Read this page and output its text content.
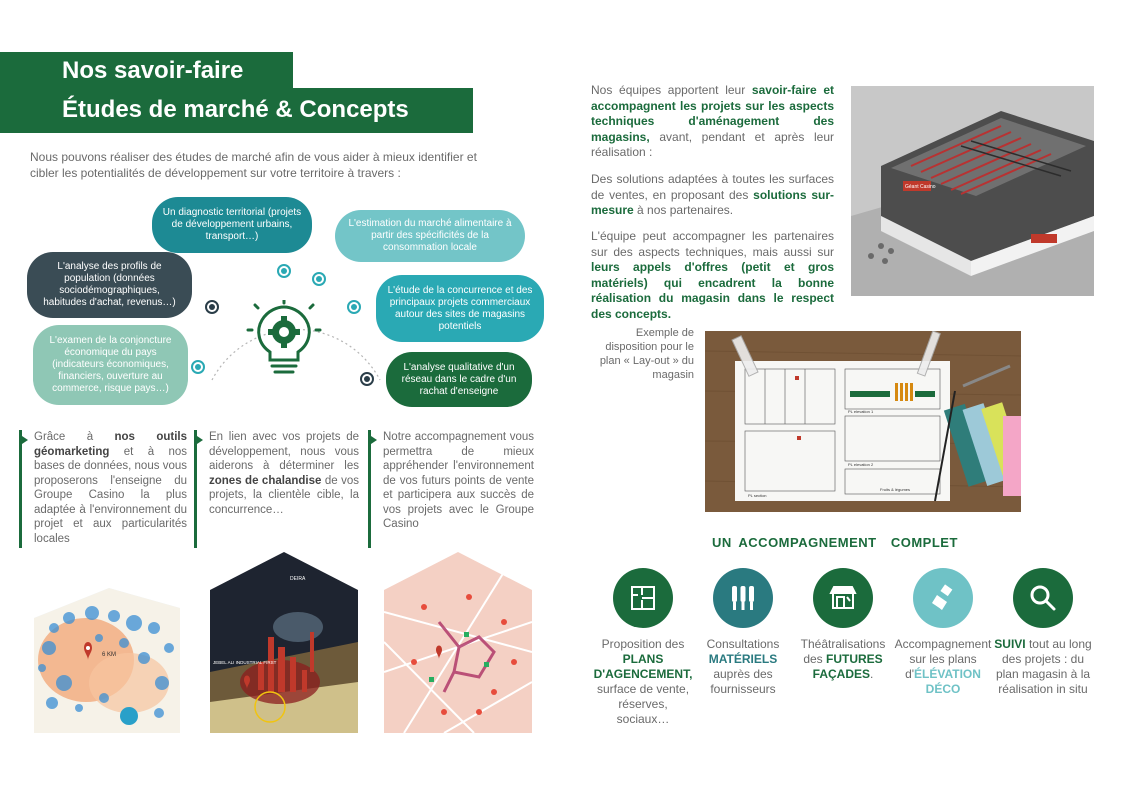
Nos savoir-faire
Études de marché & Concepts

Nous pouvons réaliser des études de marché afin de vous aider à mieux identifier et cibler les potentialités de développement sur votre territoire à travers :

Un diagnostic territorial (projets de développement urbains, transport…)
L'estimation du marché alimentaire à partir des spécificités de la consommation locale
L'analyse des profils de population (données sociodémographiques, habitudes d'achat, revenus…)
L'étude de la concurrence et des principaux projets commerciaux autour des sites de magasins potentiels
L'examen de la conjoncture économique du pays (indicateurs économiques, financiers, ouverture au commerce, risque pays…)
L'analyse qualitative d'un réseau dans le cadre d'un rachat d'enseigne
Grâce à nos outils géomarketing et à nos bases de données, nous vous proposerons l'enseigne du Groupe Casino la plus adaptée à l'environnement du projet et aux particularités locales
En lien avec vos projets de développement, nous vous aiderons à déterminer les zones de chalandise de vos projets, la clientèle cible, la concurrence…
Notre accompagnement vous permettra de mieux appréhender l'environnement de vos futurs points de vente et participera aux succès de vos projets avec le Groupe Casino
6 KM
DEIRA
JEBEL ALI INDUSTRIAL FIRST

Nos équipes apportent leur savoir-faire et accompagnent les projets sur les aspects techniques d'aménagement des magasins, avant, pendant et après leur réalisation :

Des solutions adaptées à toutes les surfaces de ventes, en proposant des solutions sur-mesure à nos partenaires.

L'équipe peut accompagner les partenaires sur des aspects techniques, mais aussi sur leurs appels d'offres (petit et gros matériels) qui encadrent la bonne réalisation du magasin dans le respect des concepts.

Géant Casino

Exemple de disposition pour le plan « Lay-out » du magasin

PL elevation 1
PL elevation 2
PL section
Fruits & légumes
UN ACCOMPAGNEMENT  COMPLET

Proposition des PLANS D'AGENCEMENT, surface de vente, réserves, sociaux…

Consultations MATÉRIELS auprès des fournisseurs

Théâtralisations des FUTURES FAÇADES.

Accompagnement sur les plans d'ÉLÉVATION DÉCO

SUIVI tout au long des projets : du plan magasin à la réalisation in situ
